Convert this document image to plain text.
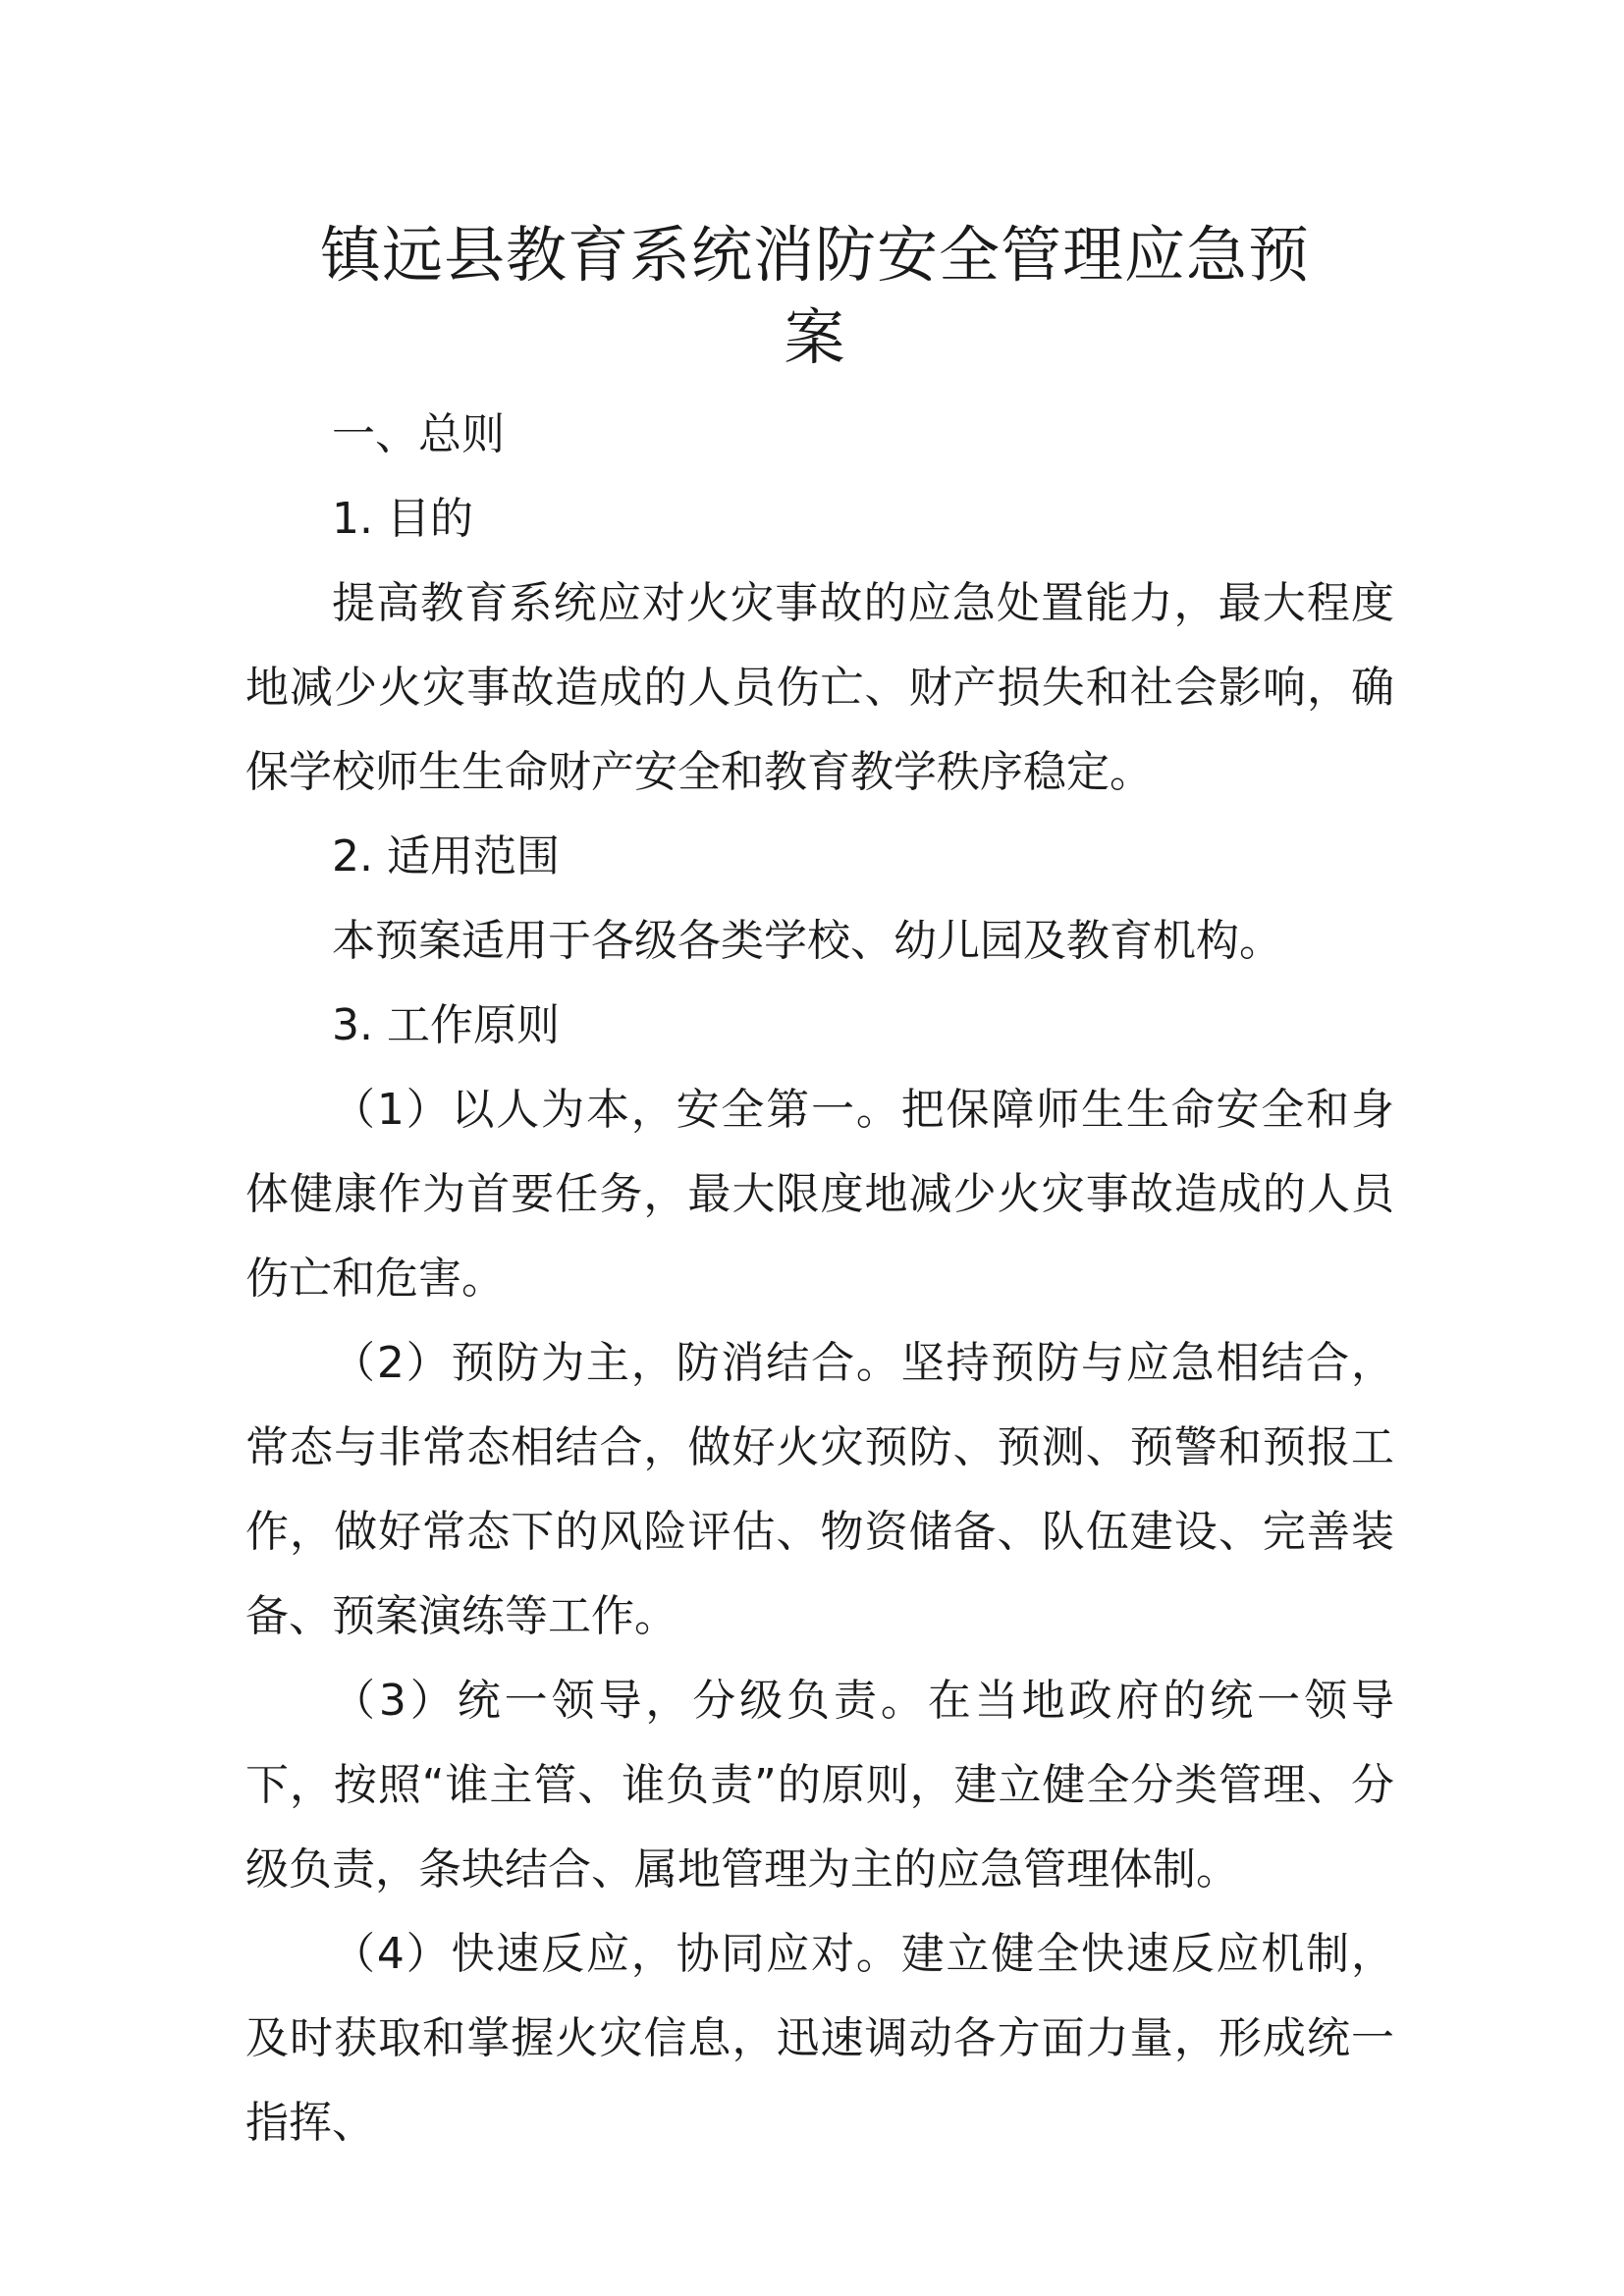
镇远县教育系统消防安全管理应急预
案

一、总则

1. 目的

提高教育系统应对火灾事故的应急处置能力，最大程度地减少火灾事故造成的人员伤亡、财产损失和社会影响，确保学校师生生命财产安全和教育教学秩序稳定。

2. 适用范围

本预案适用于各级各类学校、幼儿园及教育机构。

3. 工作原则

（1）以人为本，安全第一。把保障师生生命安全和身体健康作为首要任务，最大限度地减少火灾事故造成的人员伤亡和危害。

（2）预防为主，防消结合。坚持预防与应急相结合，常态与非常态相结合，做好火灾预防、预测、预警和预报工作，做好常态下的风险评估、物资储备、队伍建设、完善装备、预案演练等工作。

（3）统一领导，分级负责。在当地政府的统一领导下，按照“谁主管、谁负责”的原则，建立健全分类管理、分级负责，条块结合、属地管理为主的应急管理体制。

（4）快速反应，协同应对。建立健全快速反应机制，及时获取和掌握火灾信息，迅速调动各方面力量，形成统一指挥、
